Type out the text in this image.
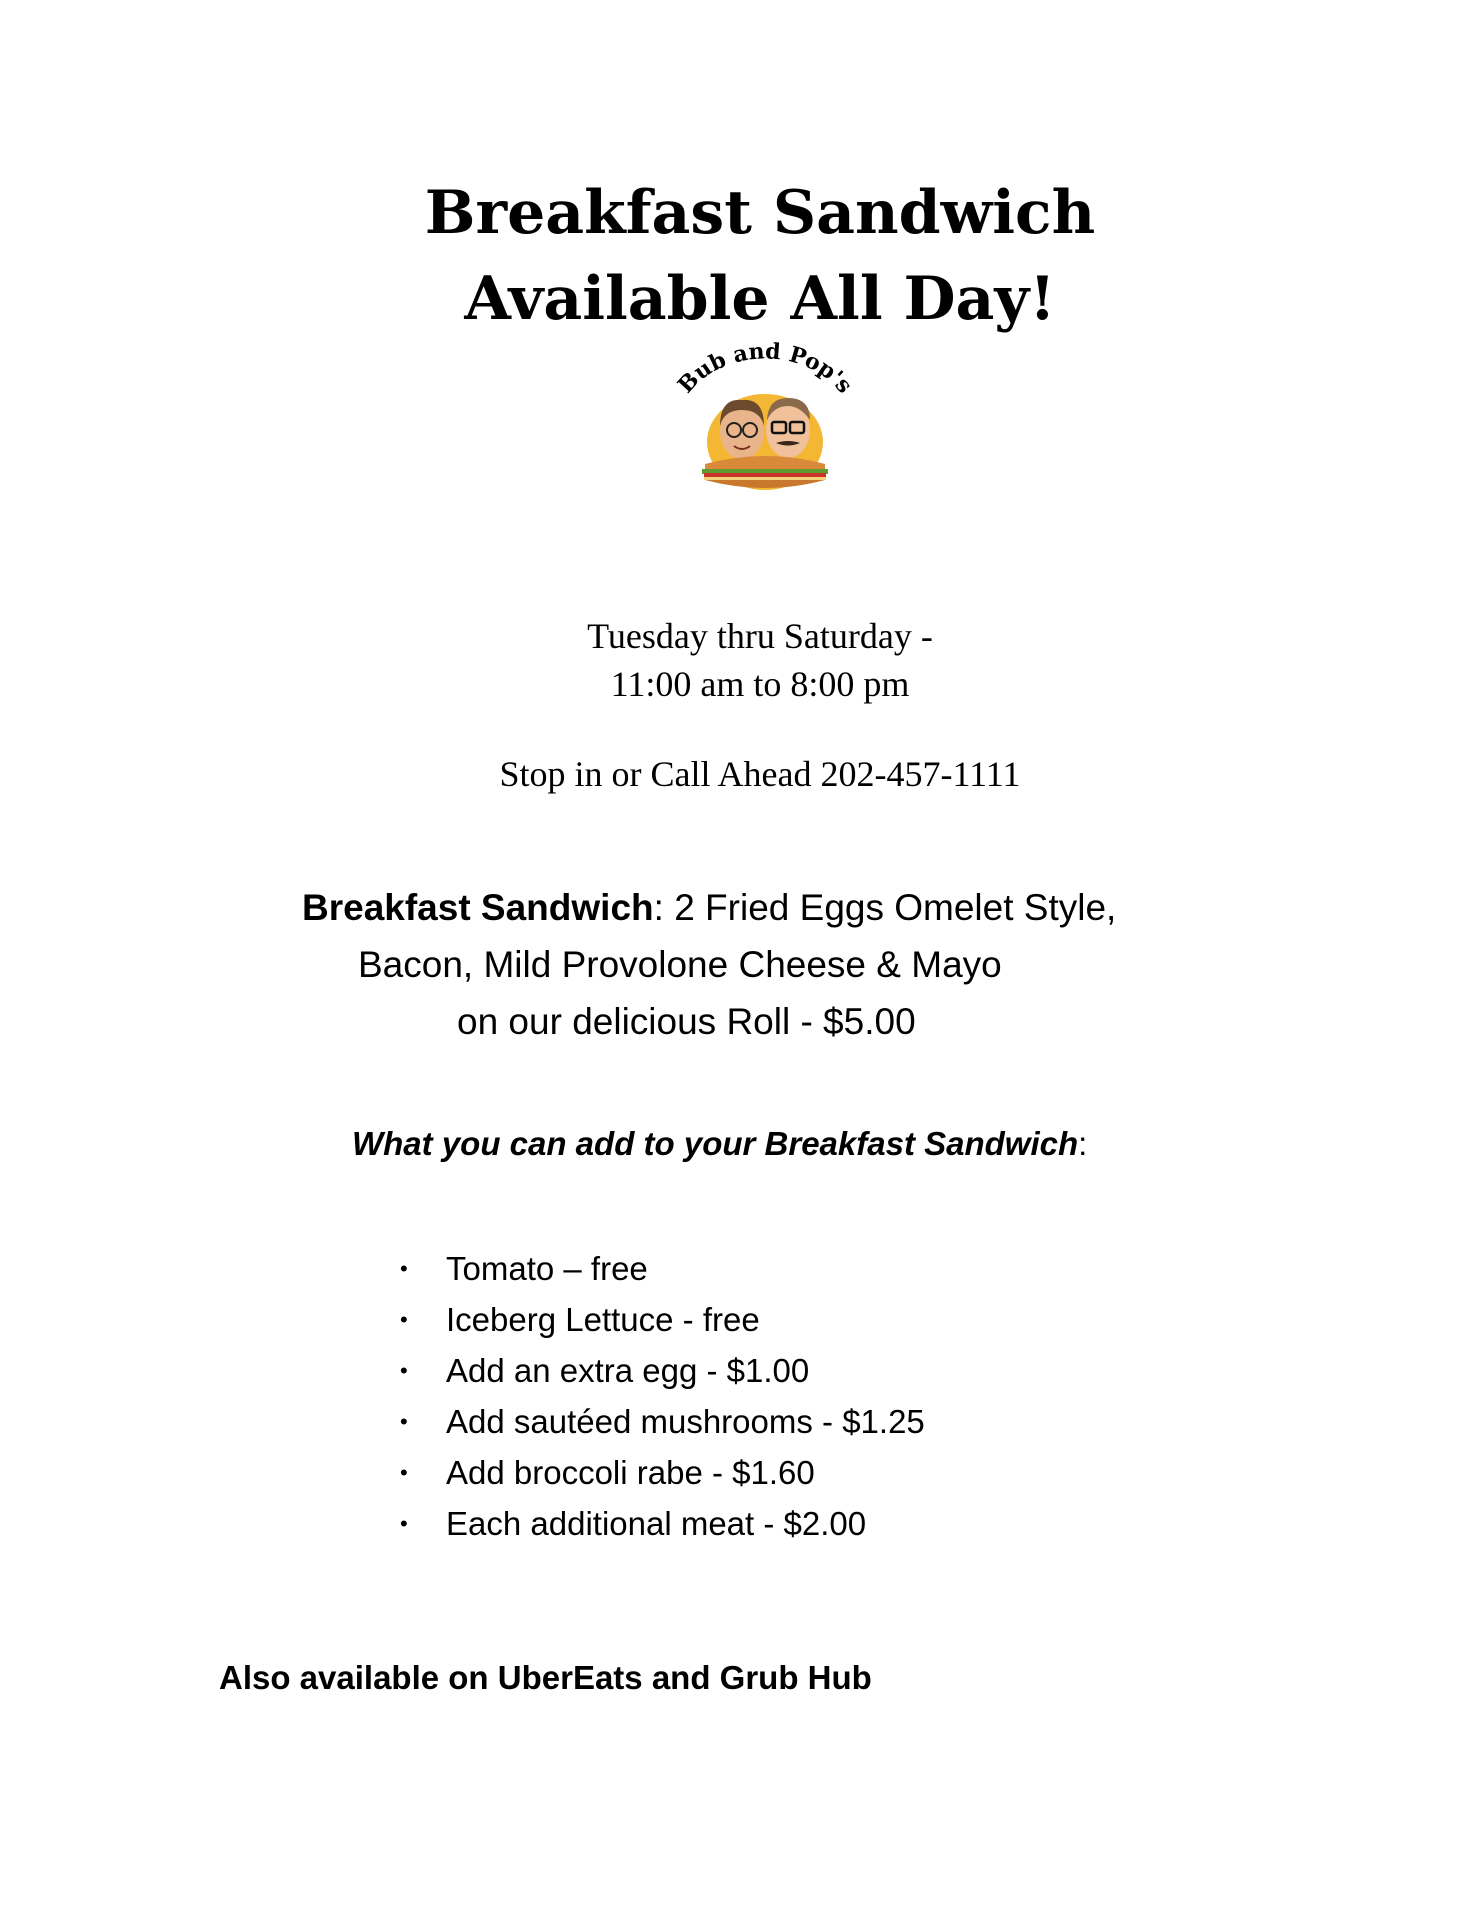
Breakfast Sandwich
Available All Day!
Bub and Pop's
Tuesday thru Saturday -
11:00 am to 8:00 pm
Stop in or Call Ahead 202-457-1111
Breakfast Sandwich: 2 Fried Eggs Omelet Style,
Bacon, Mild Provolone Cheese & Mayo
on our delicious Roll - $5.00
What you can add to your Breakfast Sandwich:
• Tomato – free
• Iceberg Lettuce - free
• Add an extra egg - $1.00
• Add sautéed mushrooms - $1.25
• Add broccoli rabe - $1.60
• Each additional meat - $2.00
Also available on UberEats and Grub Hub
